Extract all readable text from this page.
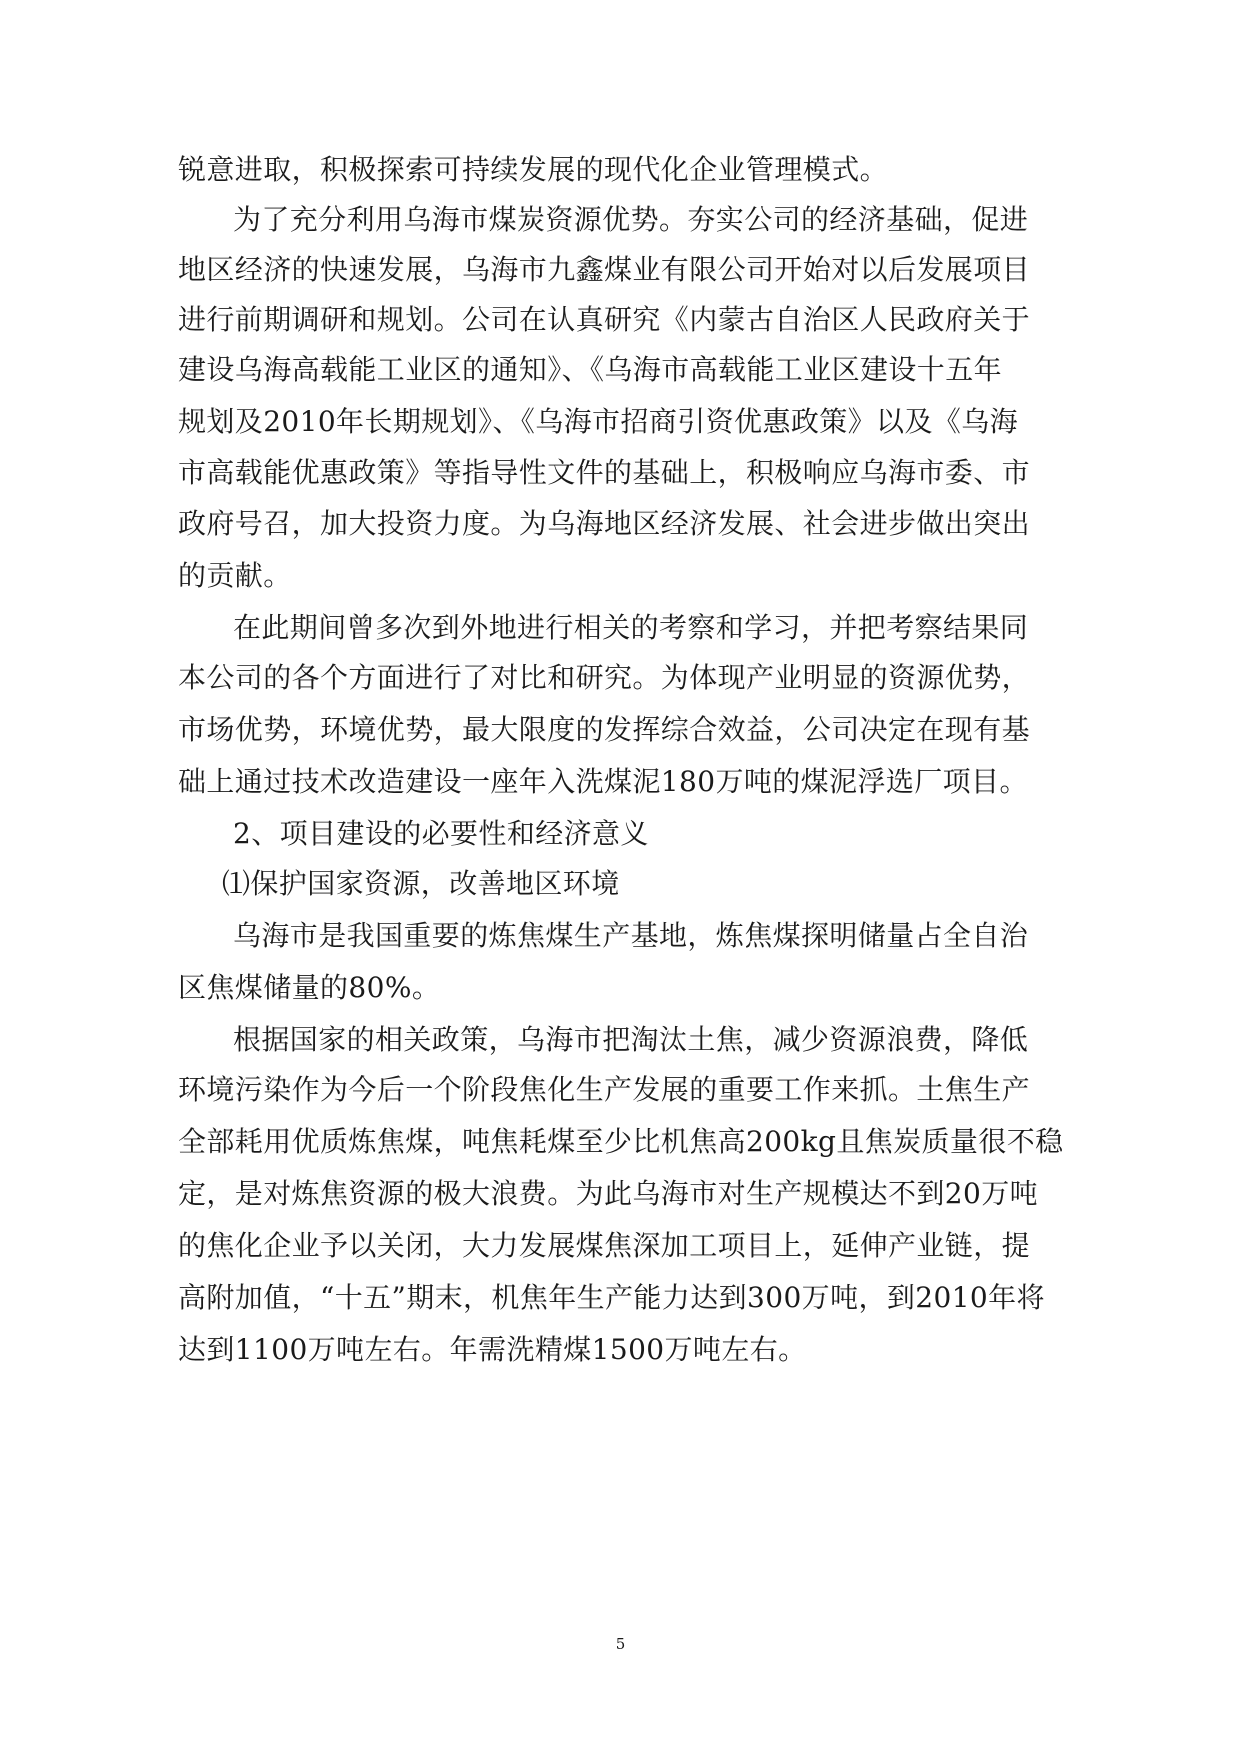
锐意进取，积极探索可持续发展的现代化企业管理模式。
为了充分利用乌海市煤炭资源优势。夯实公司的经济基础，促进
地区经济的快速发展，乌海市九鑫煤业有限公司开始对以后发展项目
进行前期调研和规划。公司在认真研究《内蒙古自治区人民政府关于
建设乌海高载能工业区的通知》、《乌海市高载能工业区建设十五年
规划及2010年长期规划》、《乌海市招商引资优惠政策》以及《乌海
市高载能优惠政策》等指导性文件的基础上，积极响应乌海市委、市
政府号召，加大投资力度。为乌海地区经济发展、社会进步做出突出
的贡献。
在此期间曾多次到外地进行相关的考察和学习，并把考察结果同
本公司的各个方面进行了对比和研究。为体现产业明显的资源优势，
市场优势，环境优势，最大限度的发挥综合效益，公司决定在现有基
础上通过技术改造建设一座年入洗煤泥180万吨的煤泥浮选厂项目。
2、项目建设的必要性和经济意义
⑴保护国家资源，改善地区环境
乌海市是我国重要的炼焦煤生产基地，炼焦煤探明储量占全自治
区焦煤储量的80%。
根据国家的相关政策，乌海市把淘汰土焦，减少资源浪费，降低
环境污染作为今后一个阶段焦化生产发展的重要工作来抓。土焦生产
全部耗用优质炼焦煤，吨焦耗煤至少比机焦高200kg且焦炭质量很不稳
定，是对炼焦资源的极大浪费。为此乌海市对生产规模达不到20万吨
的焦化企业予以关闭，大力发展煤焦深加工项目上，延伸产业链，提
高附加值，“十五”期末，机焦年生产能力达到300万吨，到2010年将
达到1100万吨左右。年需洗精煤1500万吨左右。
5
